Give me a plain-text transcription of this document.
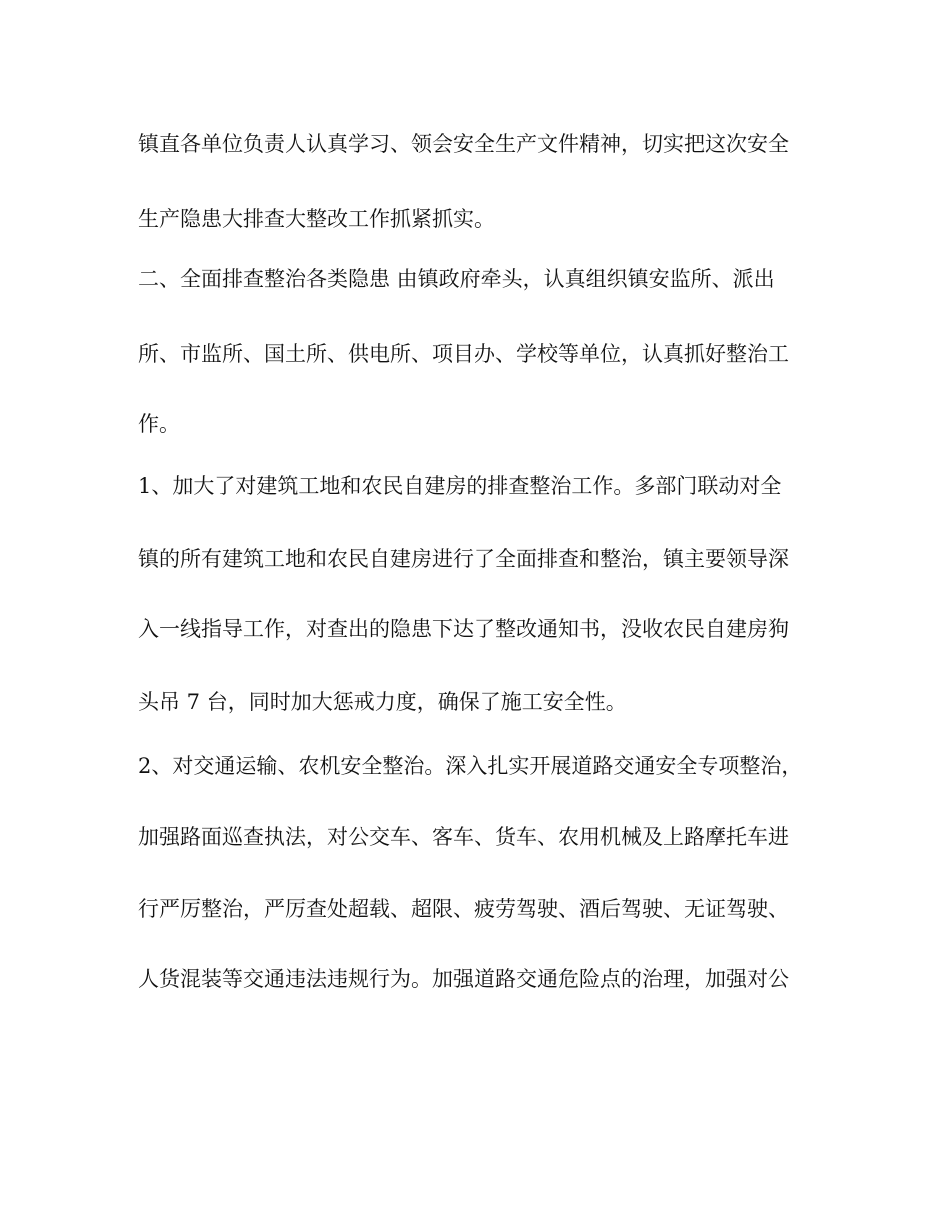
镇直各单位负责人认真学习、领会安全生产文件精神，切实把这次安全
生产隐患大排查大整改工作抓紧抓实。
二、全面排查整治各类隐患 由镇政府牵头，认真组织镇安监所、派出
所、市监所、国土所、供电所、项目办、学校等单位，认真抓好整治工
作。
1、加大了对建筑工地和农民自建房的排查整治工作。多部门联动对全
镇的所有建筑工地和农民自建房进行了全面排查和整治，镇主要领导深
入一线指导工作，对查出的隐患下达了整改通知书，没收农民自建房狗
头吊 7 台，同时加大惩戒力度，确保了施工安全性。
2、对交通运输、农机安全整治。深入扎实开展道路交通安全专项整治，
加强路面巡查执法，对公交车、客车、货车、农用机械及上路摩托车进
行严厉整治，严厉查处超载、超限、疲劳驾驶、酒后驾驶、无证驾驶、
人货混装等交通违法违规行为。加强道路交通危险点的治理，加强对公
